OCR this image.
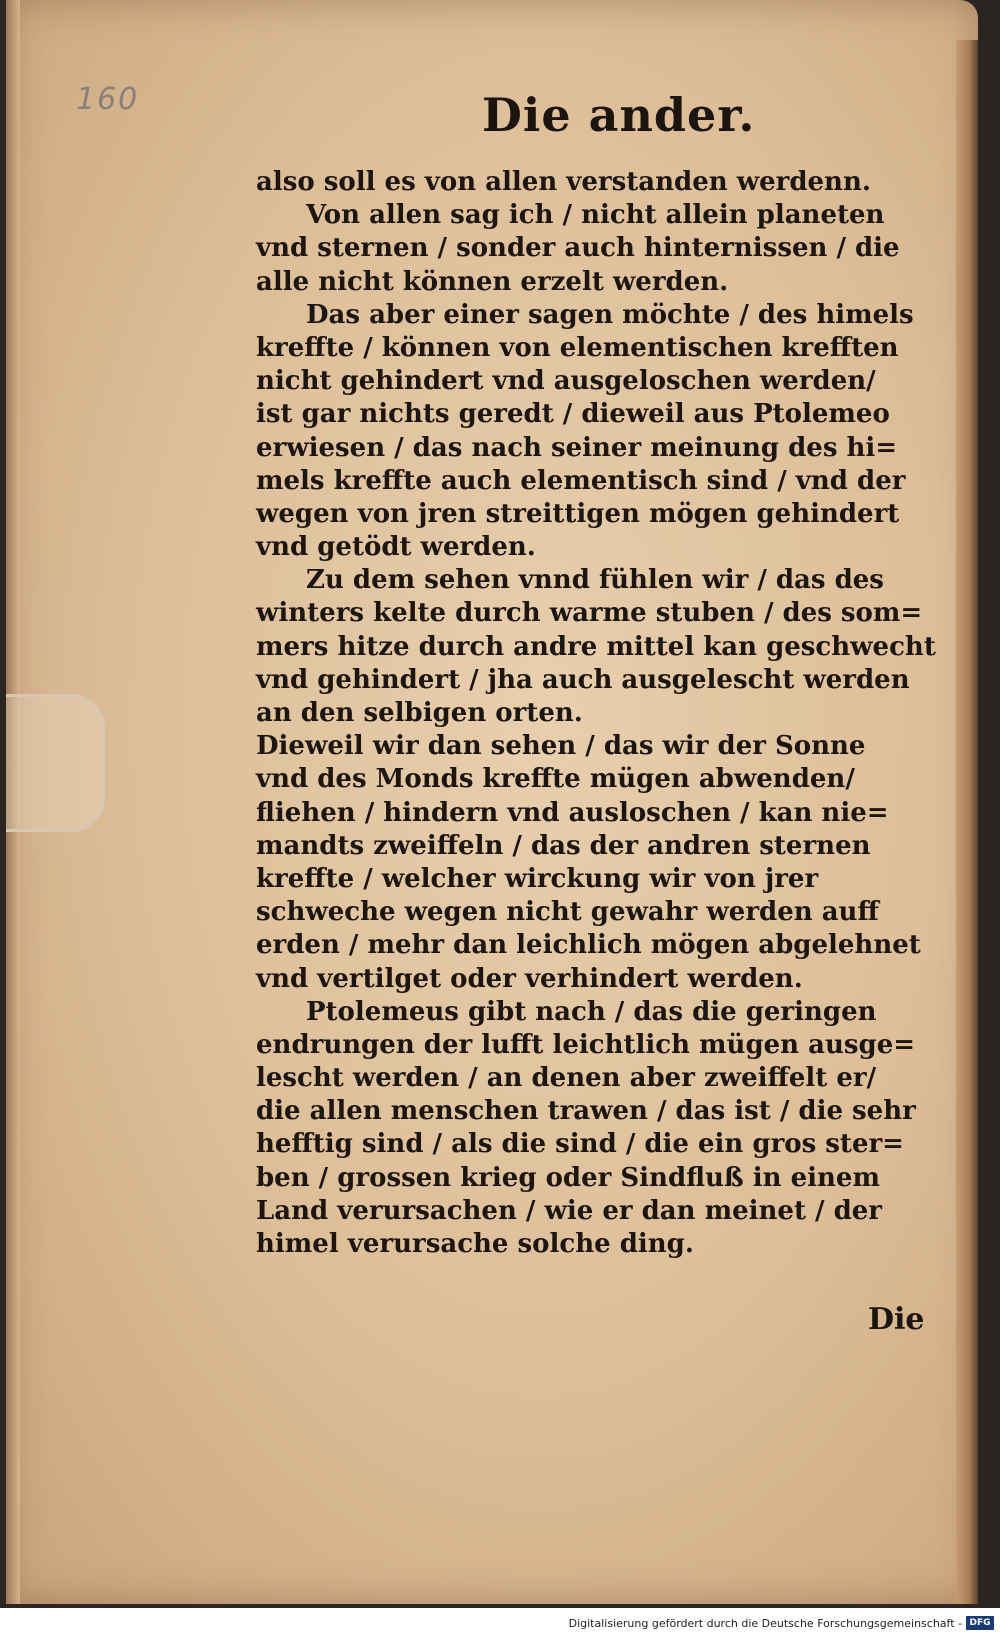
160	Die ander.
also soll es von allen verstanden werdenn.
Von allen sag ich / nicht allein planeten
vnd sternen / sonder auch hinternissen / die
alle nicht können erzelt werden.
Das aber einer sagen möchte / des himels
kreffte / können von elementischen krefften
nicht gehindert vnd ausgeloschen werden/
ist gar nichts geredt / dieweil aus Ptolemeo
erwiesen / das nach seiner meinung des hi=
mels kreffte auch elementisch sind / vnd der
wegen von jren streittigen mögen gehindert
vnd getödt werden.
Zu dem sehen vnnd fühlen wir / das des
winters kelte durch warme stuben / des som=
mers hitze durch andre mittel kan geschwecht
vnd gehindert / jha auch ausgelescht werden
an den selbigen orten.
Dieweil wir dan sehen / das wir der Sonne
vnd des Monds kreffte mügen abwenden/
fliehen / hindern vnd ausloschen / kan nie=
mandts zweiffeln / das der andren sternen
kreffte / welcher wirckung wir von jrer
schweche wegen nicht gewahr werden auff
erden / mehr dan leichlich mögen abgelehnet
vnd vertilget oder verhindert werden.
Ptolemeus gibt nach / das die geringen
endrungen der lufft leichtlich mügen ausge=
lescht werden / an denen aber zweiffelt er/
die allen menschen trawen / das ist / die sehr
hefftig sind / als die sind / die ein gros ster=
ben / grossen krieg oder Sindfluß in einem
Land verursachen / wie er dan meinet / der
himel verursache solche ding.
Die
Digitalisierung gefördert durch die Deutsche Forschungsgemeinschaft - DFG
